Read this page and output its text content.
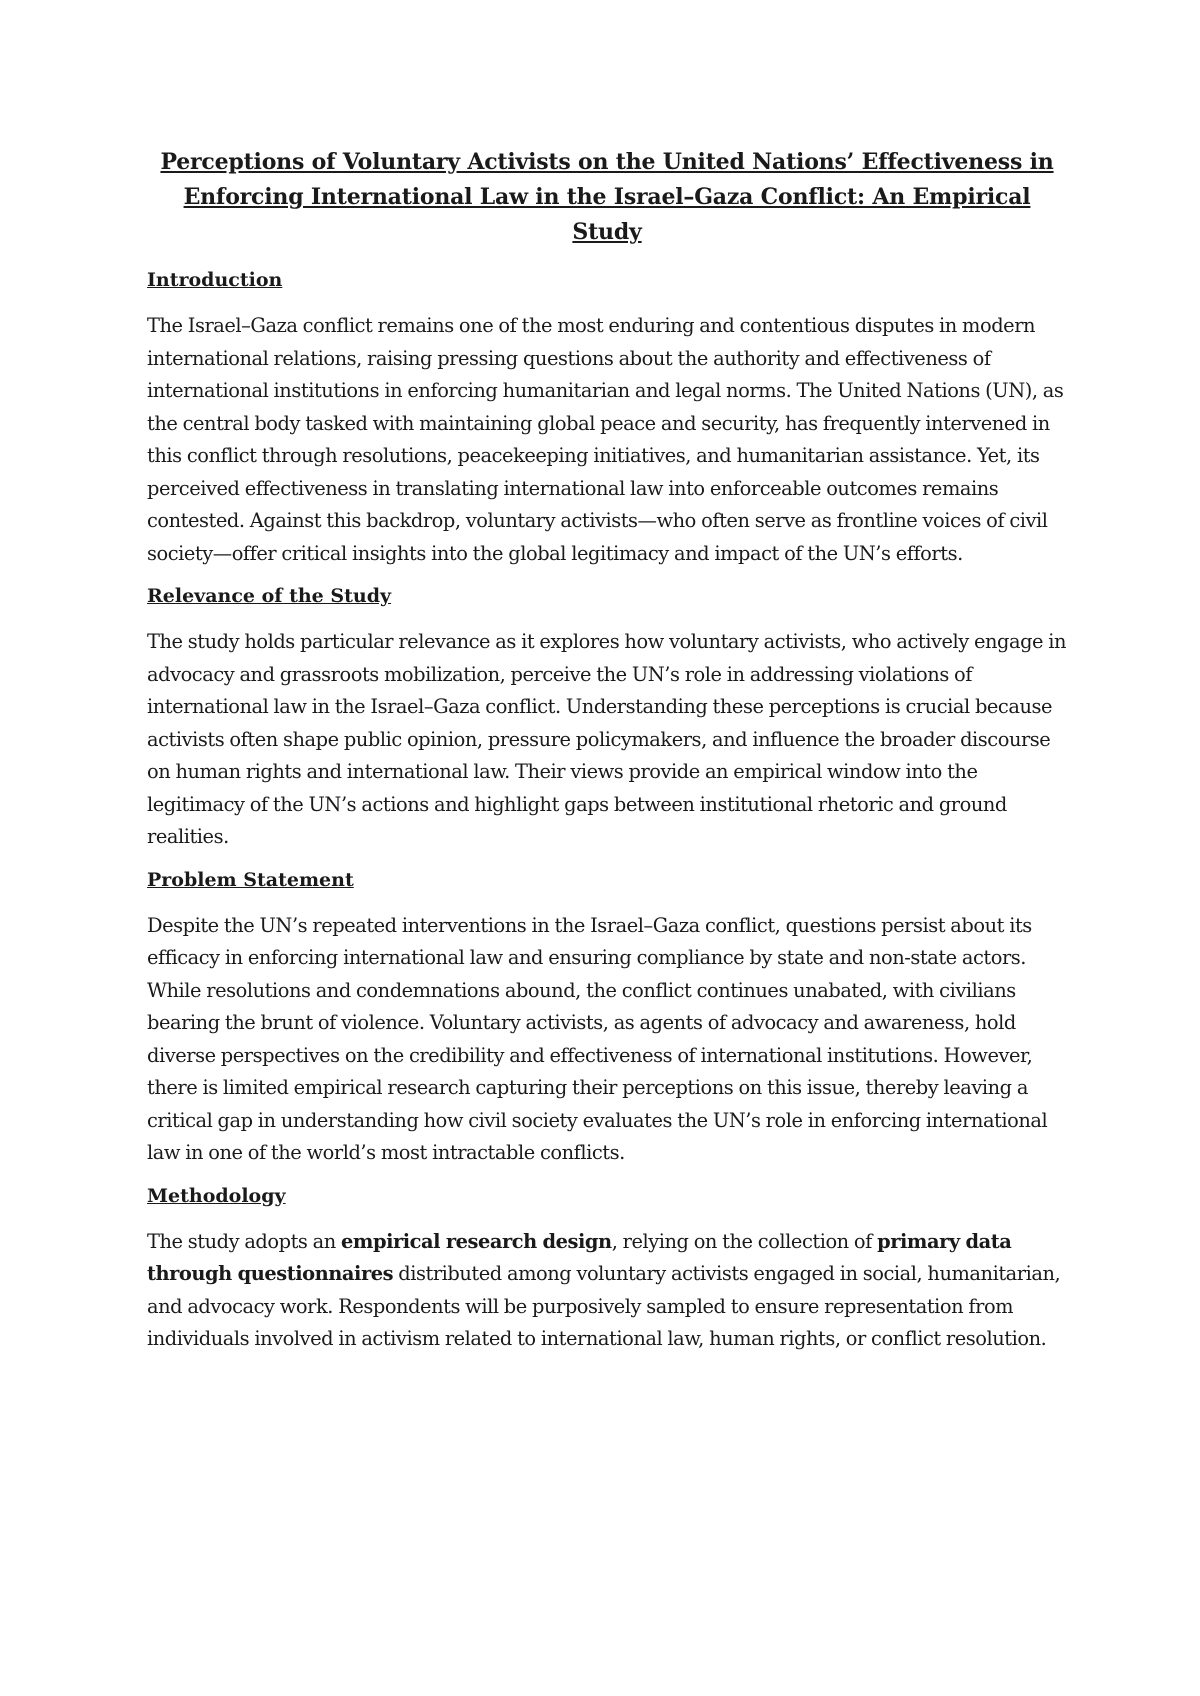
Perceptions of Voluntary Activists on the United Nations’ Effectiveness in Enforcing International Law in the Israel–Gaza Conflict: An Empirical Study
Introduction

The Israel–Gaza conflict remains one of the most enduring and contentious disputes in modern international relations, raising pressing questions about the authority and effectiveness of international institutions in enforcing humanitarian and legal norms. The United Nations (UN), as the central body tasked with maintaining global peace and security, has frequently intervened in this conflict through resolutions, peacekeeping initiatives, and humanitarian assistance. Yet, its perceived effectiveness in translating international law into enforceable outcomes remains contested. Against this backdrop, voluntary activists—who often serve as frontline voices of civil society—offer critical insights into the global legitimacy and impact of the UN’s efforts.

Relevance of the Study

The study holds particular relevance as it explores how voluntary activists, who actively engage in advocacy and grassroots mobilization, perceive the UN’s role in addressing violations of international law in the Israel–Gaza conflict. Understanding these perceptions is crucial because activists often shape public opinion, pressure policymakers, and influence the broader discourse on human rights and international law. Their views provide an empirical window into the legitimacy of the UN’s actions and highlight gaps between institutional rhetoric and ground realities.

Problem Statement

Despite the UN’s repeated interventions in the Israel–Gaza conflict, questions persist about its efficacy in enforcing international law and ensuring compliance by state and non-state actors. While resolutions and condemnations abound, the conflict continues unabated, with civilians bearing the brunt of violence. Voluntary activists, as agents of advocacy and awareness, hold diverse perspectives on the credibility and effectiveness of international institutions. However, there is limited empirical research capturing their perceptions on this issue, thereby leaving a critical gap in understanding how civil society evaluates the UN’s role in enforcing international law in one of the world’s most intractable conflicts.

Methodology

The study adopts an empirical research design, relying on the collection of primary data through questionnaires distributed among voluntary activists engaged in social, humanitarian, and advocacy work. Respondents will be purposively sampled to ensure representation from individuals involved in activism related to international law, human rights, or conflict resolution.
